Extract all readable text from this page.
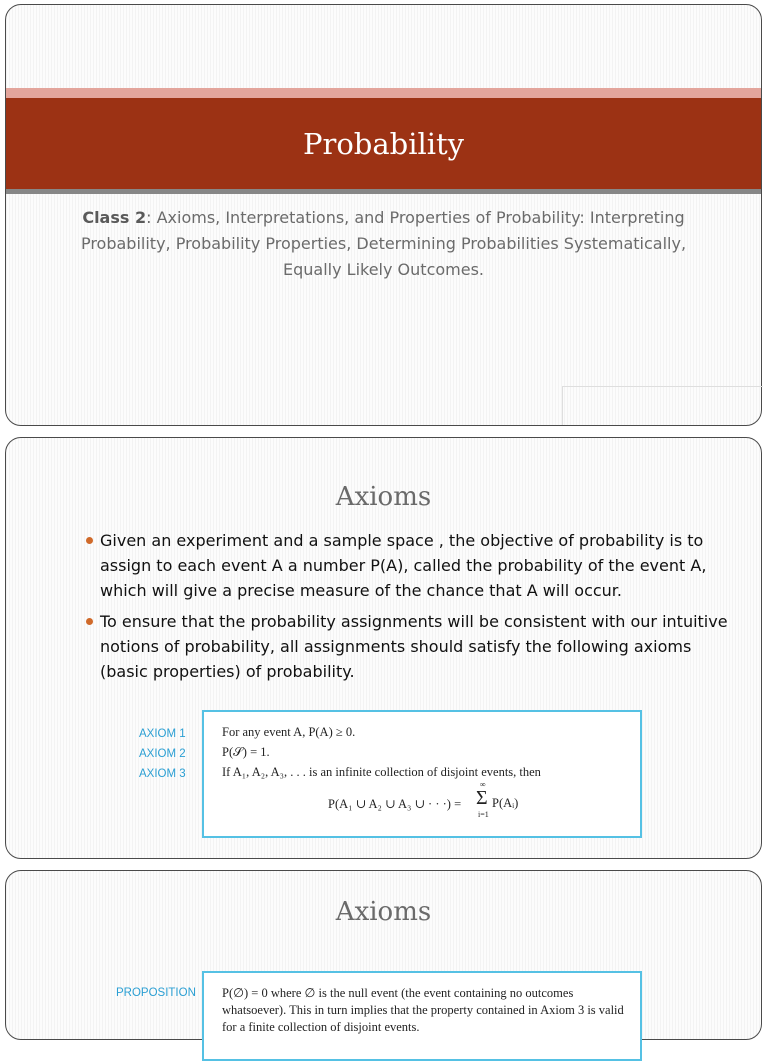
Probability
Class 2: Axioms, Interpretations, and Properties of Probability: Interpreting Probability, Probability Properties, Determining Probabilities Systematically, Equally Likely Outcomes.
Axioms
Given an experiment and a sample space , the objective of probability is to assign to each event A a number P(A), called the probability of the event A, which will give a precise measure of the chance that A will occur.
To ensure that the probability assignments will be consistent with our intuitive notions of probability, all assignments should satisfy the following axioms (basic properties) of probability.
AXIOM 1
AXIOM 2
AXIOM 3
For any event A, P(A) ≥ 0.
P(𝒮) = 1.
If A₁, A₂, A₃, . . . is an infinite collection of disjoint events, then
P(A₁ ∪ A₂ ∪ A₃ ∪ · · ·) =
∞
Σ
i=1
P(Aᵢ)
Axioms
PROPOSITION P(∅) = 0 where ∅ is the null event (the event containing no outcomes whatsoever). This in turn implies that the property contained in Axiom 3 is valid for a finite collection of disjoint events.
